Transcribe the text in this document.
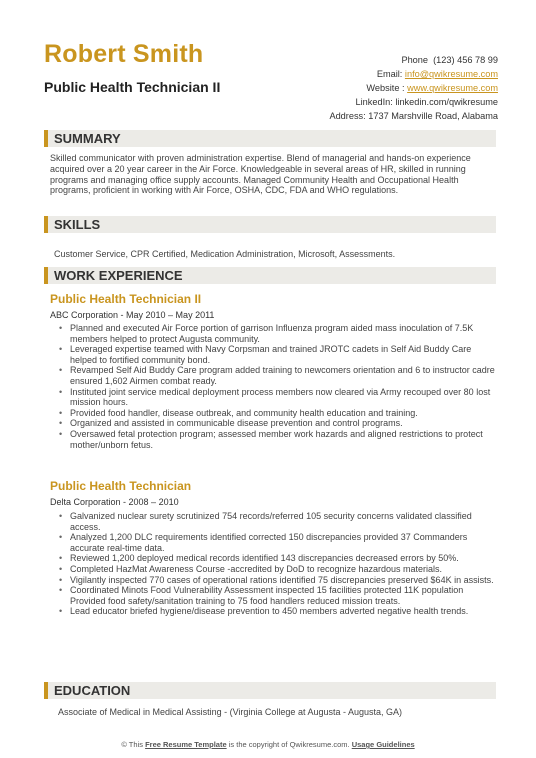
Robert Smith
Public Health Technician II
Phone (123) 456 78 99
Email: info@qwikresume.com
Website : www.qwikresume.com
LinkedIn: linkedin.com/qwikresume
Address: 1737 Marshville Road, Alabama
SUMMARY
Skilled communicator with proven administration expertise. Blend of managerial and hands-on experience acquired over a 20 year career in the Air Force. Knowledgeable in several areas of HR, skilled in running programs and managing office supply accounts. Managed Community Health and Occupational Health programs, proficient in working with Air Force, OSHA, CDC, FDA and WHO regulations.
SKILLS
Customer Service, CPR Certified, Medication Administration, Microsoft, Assessments.
WORK EXPERIENCE
Public Health Technician II
ABC Corporation - May 2010 – May 2011
• Planned and executed Air Force portion of garrison Influenza program aided mass inoculation of 7.5K members helped to protect Augusta community.
• Leveraged expertise teamed with Navy Corpsman and trained JROTC cadets in Self Aid Buddy Care helped to fortified community bond.
• Revamped Self Aid Buddy Care program added training to newcomers orientation and 6 to instructor cadre ensured 1,602 Airmen combat ready.
• Instituted joint service medical deployment process members now cleared via Army recouped over 80 lost mission hours.
• Provided food handler, disease outbreak, and community health education and training.
• Organized and assisted in communicable disease prevention and control programs.
• Oversawed fetal protection program; assessed member work hazards and aligned restrictions to protect mother/unborn fetus.
Public Health Technician
Delta Corporation - 2008 – 2010
• Galvanized nuclear surety scrutinized 754 records/referred 105 security concerns validated classified access.
• Analyzed 1,200 DLC requirements identified corrected 150 discrepancies provided 37 Commanders accurate real-time data.
• Reviewed 1,200 deployed medical records identified 143 discrepancies decreased errors by 50%.
• Completed HazMat Awareness Course -accredited by DoD to recognize hazardous materials.
• Vigilantly inspected 770 cases of operational rations identified 75 discrepancies preserved $64K in assists.
• Coordinated Minots Food Vulnerability Assessment inspected 15 facilities protected 11K population Provided food safety/sanitation training to 75 food handlers reduced mission treats.
• Lead educator briefed hygiene/disease prevention to 450 members adverted negative health trends.
EDUCATION
Associate of Medical in Medical Assisting - (Virginia College at Augusta - Augusta, GA)
© This Free Resume Template is the copyright of Qwikresume.com. Usage Guidelines
